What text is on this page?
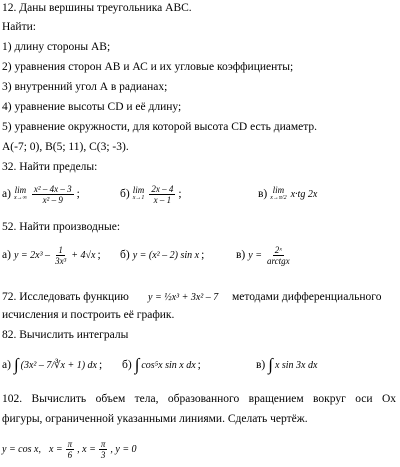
12. Даны вершины треугольника АВС.
Найти:
1) длину стороны АВ;
2) уравнения сторон АВ и АС и их угловые коэффициенты;
3) внутренний угол А в радианах;
4) уравнение высоты CD и её длину;
5) уравнение окружности, для которой высота CD есть диаметр.
А(-7; 0), В(5; 11), С(3; -3).
32. Найти пределы:
а) lim
$x\to\infty \frac{\text{x² – 4x – 3}}{\text{x² – 9}}$ ;	б) lim
$x\to 1 \frac{2x - 4}{x - 1}$ ;	в) lim
x→π/2 x·tg 2x
52. Найти производные:
а) $y = 2x^3 - \frac{1}{\text{3x³}} + 4√x$ ; б) y = (x² – 2) sin x ;	в) $y = \frac{\text{2ˣ}}{\text{arctgx}}$
72. Исследовать функцию y = ½x³ + 3x² – 7 методами дифференциального
исчисления и построить её график.
82. Вычислить интегралы
а) ∫ (3x² – 7/∛x + 1) dx ; б) ∫ cos⁵x sin x dx ;	в) ∫ x sin 3x dx
102. Вычислить объем тела, образованного вращением вокруг оси Ох
фигуры, ограниченной указанными линиями. Сделать чертёж.
y = cos x, $x = \frac{\pi}{6}$ , $x = \frac{\pi}{3}$ , y = 0
